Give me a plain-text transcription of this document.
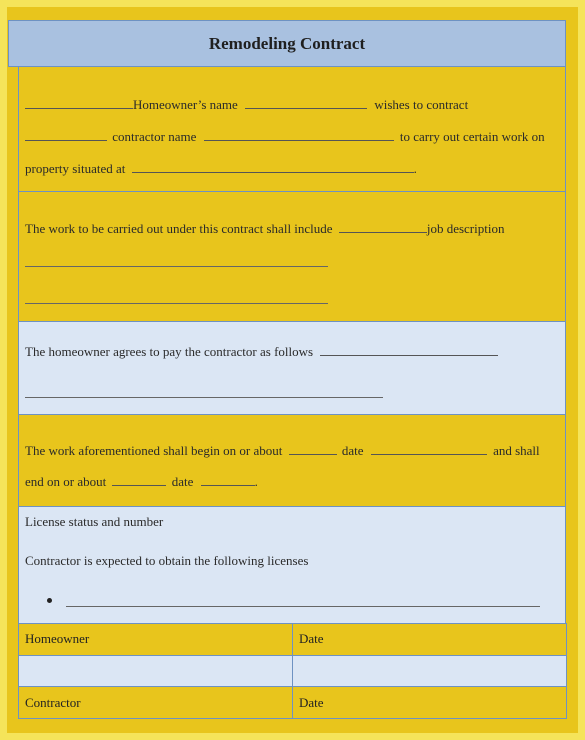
Remodeling Contract
Homeowner’s name	wishes to contract
contractor name	to carry out certain work on
property situated at	.
The work to be carried out under this contract shall include	job description
The homeowner agrees to pay the contractor as follows
The work aforementioned shall begin on or about	date	and shall
end on or about	date	.
License status and number
Contractor is expected to obtain the following licenses
Homeowner	Date

Contractor	Date
